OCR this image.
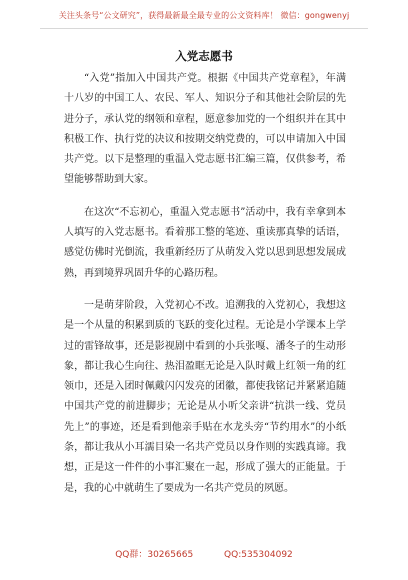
关注头条号“公文研究”，获得最新最全最专业的公文资料库！ 微信：gongwenyj
入党志愿书

“入党”指加入中国共产党。根据《中国共产党章程》，年满十八岁的中国工人、农民、军人、知识分子和其他社会阶层的先进分子，承认党的纲领和章程，愿意参加党的一个组织并在其中积极工作、执行党的决议和按期交纳党费的，可以申请加入中国共产党。以下是整理的重温入党志愿书汇编三篇，仅供参考，希望能够帮助到大家。

在这次“不忘初心，重温入党志愿书”活动中，我有幸拿到本人填写的入党志愿书。看着那工整的笔迹、重读那真挚的话语，感觉仿佛时光倒流，我重新经历了从萌发入党以思到思想发展成熟，再到境界巩固升华的心路历程。

一是萌芽阶段，入党初心不改。追溯我的入党初心，我想这是一个从量的积累到质的飞跃的变化过程。无论是小学课本上学过的雷锋故事，还是影视剧中看到的小兵张嘎、潘冬子的生动形象，都让我心生向往、热泪盈眶无论是入队时戴上红领一角的红领巾，还是入团时佩戴闪闪发亮的团徽，都使我铭记并紧紧追随中国共产党的前进脚步；无论是从小听父亲讲“抗洪一线、党员先上”的事迹，还是看到他亲手贴在水龙头旁“节约用水”的小纸条，都让我从小耳濡目染一名共产党员以身作则的实践真谛。我想，正是这一件件的小事汇聚在一起，形成了强大的正能量。于是，我的心中就萌生了要成为一名共产党员的夙愿。

QQ群：30265665	QQ:535304092
